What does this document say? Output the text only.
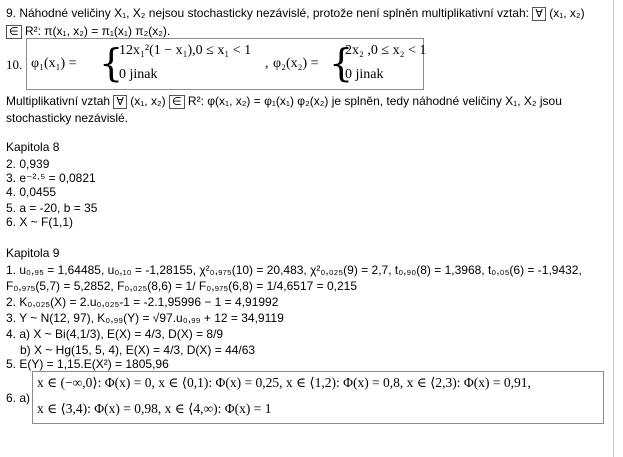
9. Náhodné veličiny X₁, X₂ nejsou stochasticky nezávislé, protože není splněn multiplikativní vztah: ∀ (x₁, x₂)
∈ R²: π(x₁, x₂) = π₁(x₁) π₂(x₂).
10. φ₁(x₁) = {
12x₁²(1 − x₁),0 ≤ x₁ < 1
0 jinak
, φ₂(x₂) = {
2x₂ ,0 ≤ x₂ < 1
0 jinak
Multiplikativní vztah ∀ (x₁, x₂) ∈ R²: φ(x₁, x₂) = φ₁(x₁) φ₂(x₂) je splněn, tedy náhodné veličiny X₁, X₂ jsou
stochasticky nezávislé.
Kapitola 8
2. 0,939
3. e⁻²·⁵ = 0,0821
4. 0,0455
5. a = -20, b = 35
6. X ~ F(1,1)
Kapitola 9
1. u₀,₉₅ = 1,64485, u₀,₁₀ = -1,28155, χ²₀,₉₇₅(10) = 20,483, χ²₀,₀₂₅(9) = 2,7, t₀,₉₀(8) = 1,3968, t₀,₀₅(6) = -1,9432,
F₀,₉₇₅(5,7) = 5,2852, F₀,₀₂₅(8,6) = 1/ F₀,₉₇₅(6,8) = 1/4,6517 = 0,215
2. K₀,₀₂₅(X) = 2.u₀,₀₂₅-1 = -2.1,95996 − 1 = 4,91992
3. Y ~ N(12, 97), K₀,₉₉(Y) = √97.u₀,₉₉ + 12 = 34,9119
4. a) X ~ Bi(4,1/3), E(X) = 4/3, D(X) = 8/9
b) X ~ Hg(15, 5, 4), E(X) = 4/3, D(X) = 44/63
5. E(Y) = 1,15.E(X²) = 1805,96
6. a)
x ∈ (−∞,0⟩: Φ(x) = 0, x ∈ ⟨0,1): Φ(x) = 0,25, x ∈ ⟨1,2): Φ(x) = 0,8, x ∈ ⟨2,3): Φ(x) = 0,91,
x ∈ ⟨3,4): Φ(x) = 0,98, x ∈ ⟨4,∞): Φ(x) = 1
